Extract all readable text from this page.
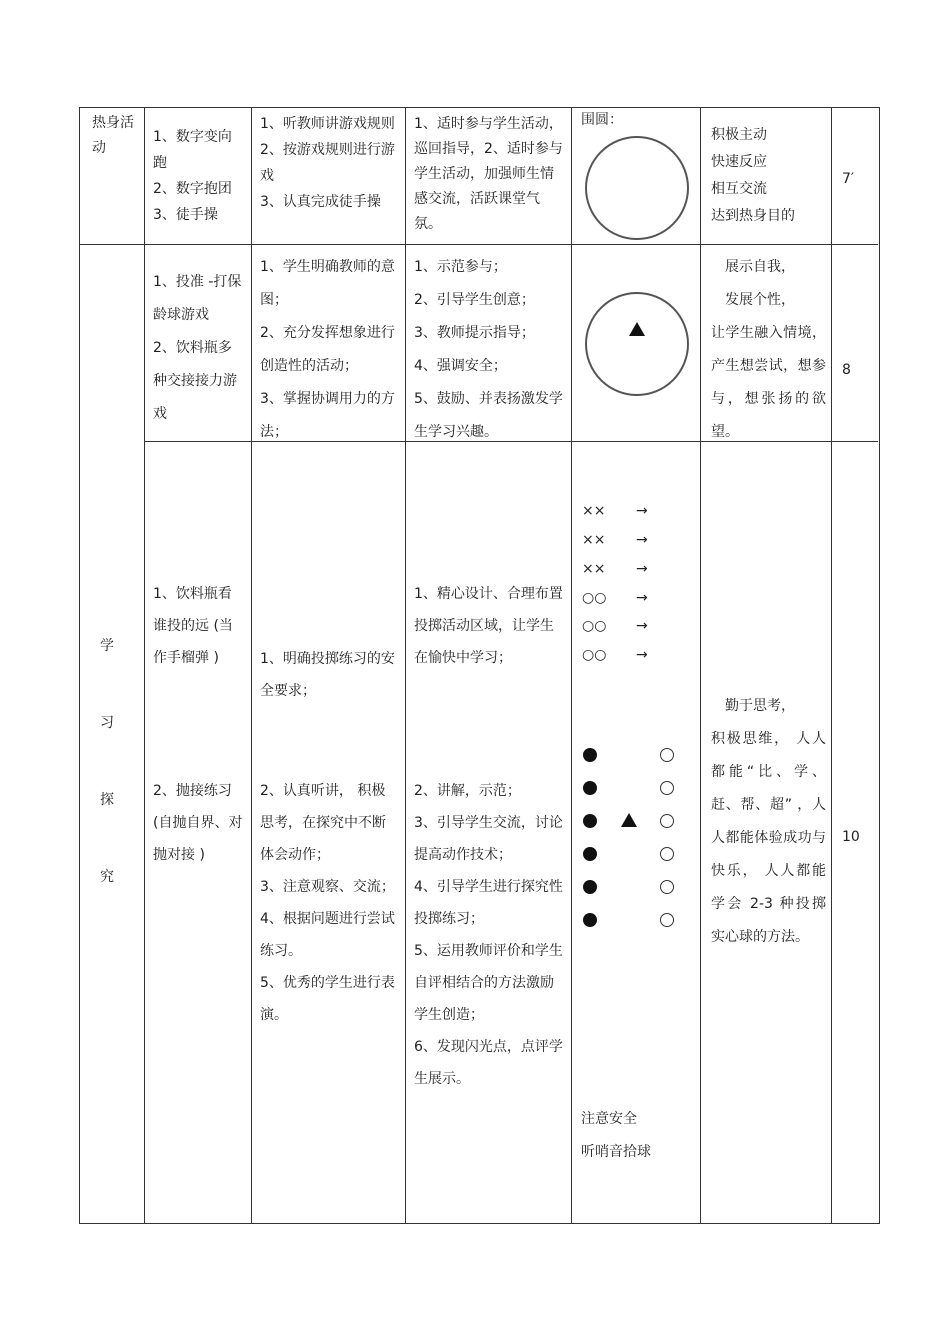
热身活动

1、数字变向跑

2、数字抱团

3、徒手操

1、听教师讲游戏规则

2、按游戏规则进行游戏

3、认真完成徒手操

1、适时参与学生活动，巡回指导，2、适时参与学生活动，加强师生情感交流，活跃课堂气氛。
围圆：

积极主动

快速反应

相互交流

达到热身目的

7′

学

习

探

究

1、投准 -打保龄球游戏

2、饮料瓶多种交接接力游戏

1、学生明确教师的意图；

2、充分发挥想象进行创造性的活动；

3、掌握协调用力的方法；

1、示范参与；

2、引导学生创意；

3、教师提示指导；

4、强调安全；

5、鼓励、并表扬激发学生学习兴趣。

展示自我，

发展个性，

让学生融入情境，产生想尝试，想参与，想张扬的欲望。

8
1、饮料瓶看谁投的远 (当作手榴弹 )
2、抛接练习 (自抛自界、对抛对接 )
1、明确投掷练习的安全要求；

2、认真听讲， 积极思考，在探究中不断体会动作；

3、注意观察、交流；

4、根据问题进行尝试练习。

5、优秀的学生进行表演。

1、精心设计、合理布置投掷活动区域，让学生在愉快中学习；

2、讲解，示范；

3、引导学生交流，讨论提高动作技术；

4、引导学生进行探究性投掷练习；

5、运用教师评价和学生自评相结合的方法激励学生创造；

6、发现闪光点，点评学生展示。

×× →
×× →
×× →
○○ →
○○ →
○○ →

注意安全

听哨音拾球

勤于思考，

积极思维， 人人都能“比、学、赶、帮、超” ，人人都能体验成功与快乐， 人人都能学会 2-3 种投掷实心球的方法。

10
